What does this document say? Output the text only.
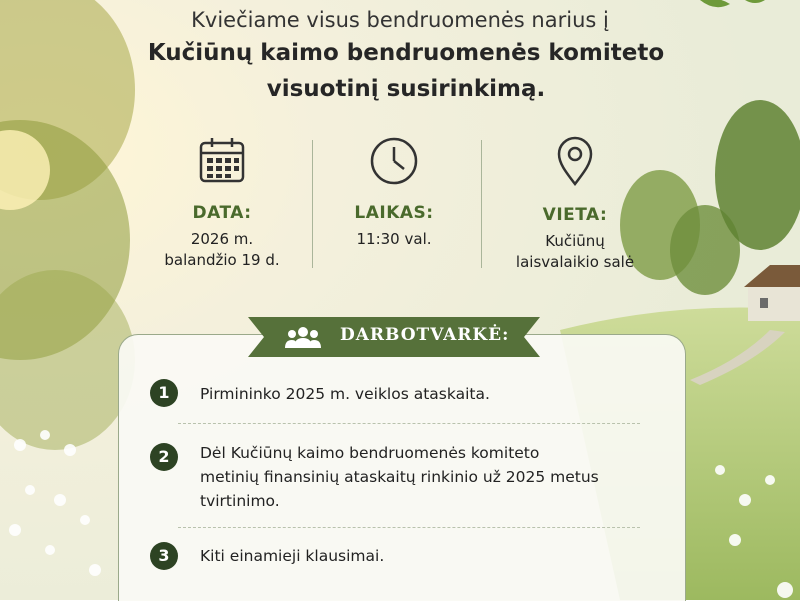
Kviečiame visus bendruomenės narius į
Kučiūnų kaimo bendruomenės komiteto
visuotinį susirinkimą.
DATA:
2026 m.
balandžio 19 d.
LAIKAS:
11:30 val.
VIETA:
Kučiūnų
laisvalaikio salė
DARBOTVARKĖ:
1	Pirmininko 2025 m. veiklos ataskaita.
2	Dėl Kučiūnų kaimo bendruomenės komiteto
metinių finansinių ataskaitų rinkinio už 2025 metus
tvirtinimo.
3	Kiti einamieji klausimai.
